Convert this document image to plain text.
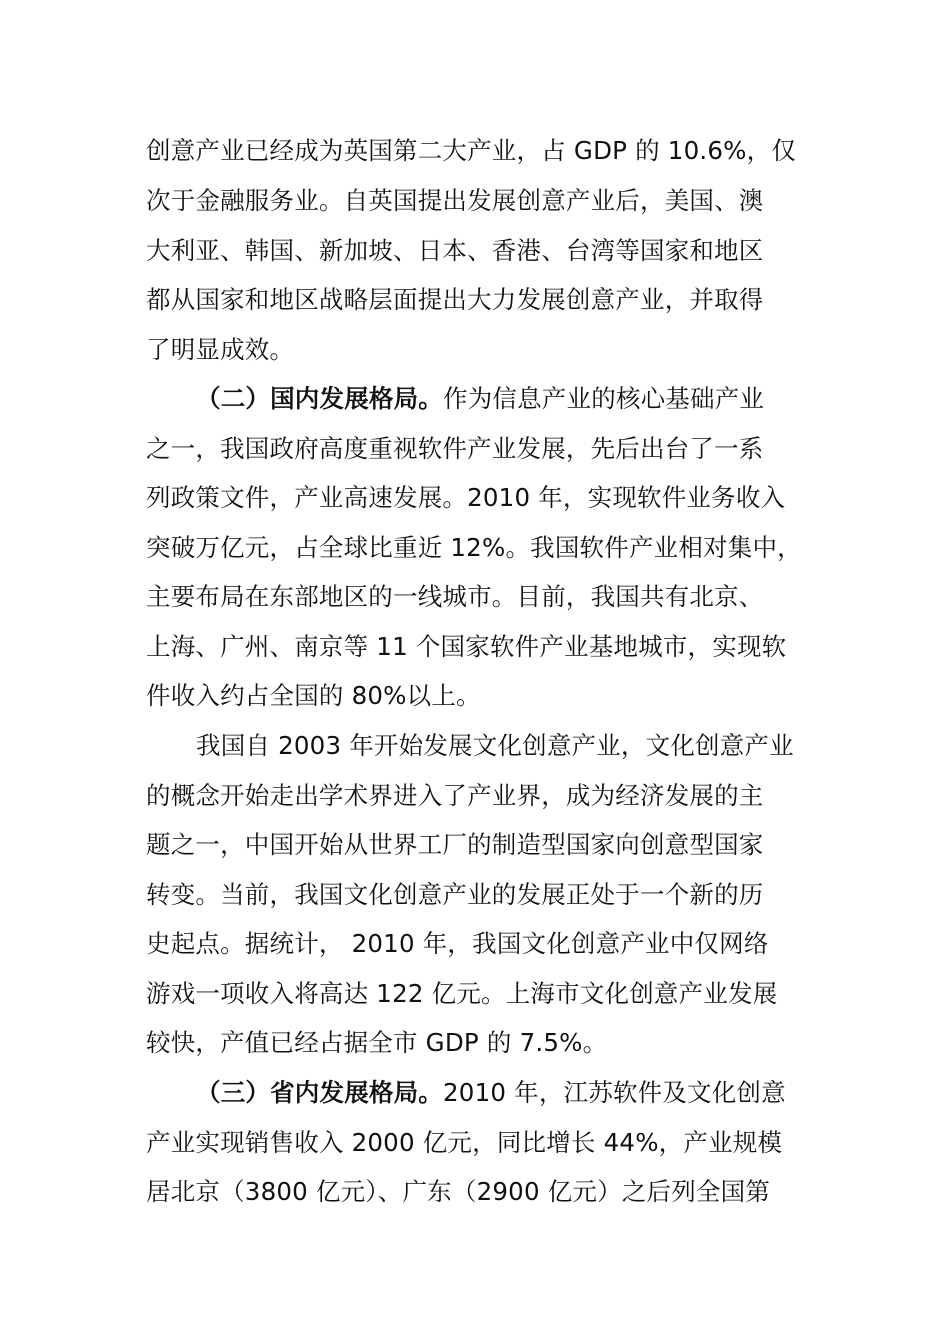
创意产业已经成为英国第二大产业，占 GDP 的 10.6%，仅
次于金融服务业。自英国提出发展创意产业后，美国、澳
大利亚、韩国、新加坡、日本、香港、台湾等国家和地区
都从国家和地区战略层面提出大力发展创意产业，并取得
了明显成效。
（二）国内发展格局。作为信息产业的核心基础产业
之一，我国政府高度重视软件产业发展，先后出台了一系
列政策文件，产业高速发展。2010 年，实现软件业务收入
突破万亿元，占全球比重近 12%。我国软件产业相对集中，
主要布局在东部地区的一线城市。目前，我国共有北京、
上海、广州、南京等 11 个国家软件产业基地城市，实现软
件收入约占全国的 80%以上。
我国自 2003 年开始发展文化创意产业，文化创意产业
的概念开始走出学术界进入了产业界，成为经济发展的主
题之一，中国开始从世界工厂的制造型国家向创意型国家
转变。当前，我国文化创意产业的发展正处于一个新的历
史起点。据统计， 2010 年，我国文化创意产业中仅网络
游戏一项收入将高达 122 亿元。上海市文化创意产业发展
较快，产值已经占据全市 GDP 的 7.5%。
（三）省内发展格局。2010 年，江苏软件及文化创意
产业实现销售收入 2000 亿元，同比增长 44%，产业规模
居北京（3800 亿元）、广东（2900 亿元）之后列全国第
